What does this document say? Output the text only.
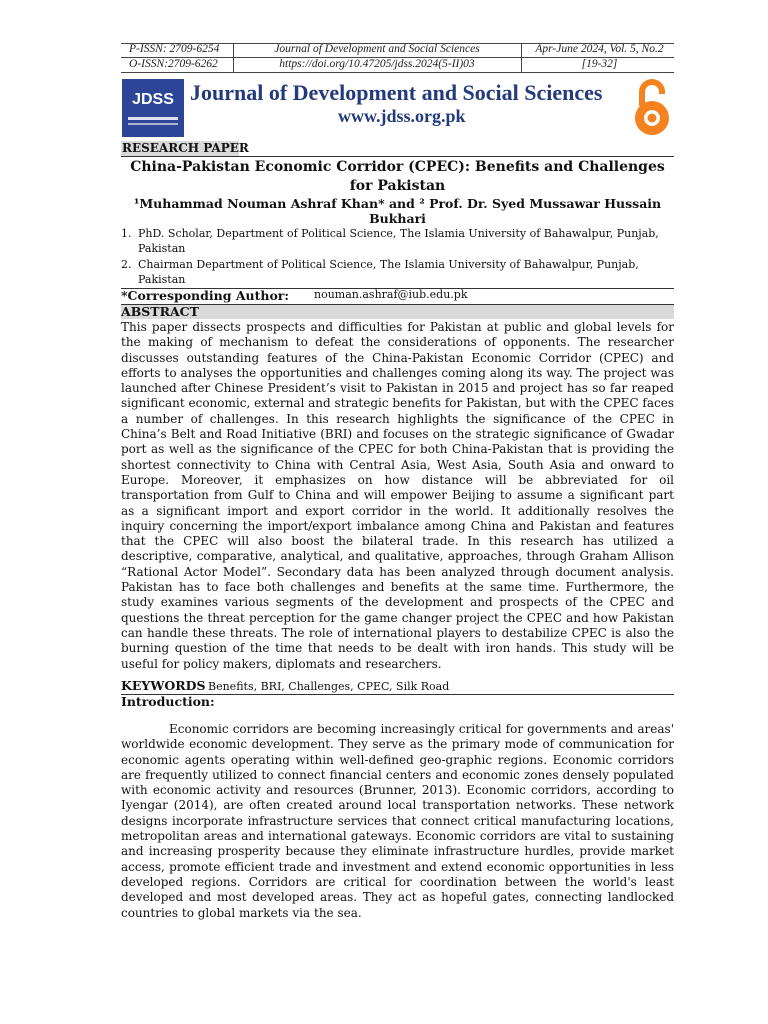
P-ISSN: 2709-6254
O-ISSN:2709-6262
Journal of Development and Social Sciences
https://doi.org/10.47205/jdss.2024(5-II)03
Apr-June 2024, Vol. 5, No.2
[19-32]
JDSS Journal of Development and Social Sciences
www.jdss.org.pk
RESEARCH PAPER
China-Pakistan Economic Corridor (CPEC): Benefits and Challenges
for Pakistan
¹Muhammad Nouman Ashraf Khan* and ² Prof. Dr. Syed Mussawar Hussain Bukhari
1. PhD. Scholar, Department of Political Science, The Islamia University of Bahawalpur, Punjab,
Pakistan
2. Chairman Department of Political Science, The Islamia University of Bahawalpur, Punjab,
Pakistan
*Corresponding Author: nouman.ashraf@iub.edu.pk
ABSTRACT
This paper dissects prospects and difficulties for Pakistan at public and global levels for the making of mechanism to defeat the considerations of opponents. The researcher discusses outstanding features of the China-Pakistan Economic Corridor (CPEC) and efforts to analyses the opportunities and challenges coming along its way. The project was launched after Chinese President’s visit to Pakistan in 2015 and project has so far reaped significant economic, external and strategic benefits for Pakistan, but with the CPEC faces a number of challenges. In this research highlights the significance of the CPEC in China’s Belt and Road Initiative (BRI) and focuses on the strategic significance of Gwadar port as well as the significance of the CPEC for both China-Pakistan that is providing the shortest connectivity to China with Central Asia, West Asia, South Asia and onward to Europe. Moreover, it emphasizes on how distance will be abbreviated for oil transportation from Gulf to China and will empower Beijing to assume a significant part as a significant import and export corridor in the world. It additionally resolves the inquiry concerning the import/export imbalance among China and Pakistan and features that the CPEC will also boost the bilateral trade. In this research has utilized a descriptive, comparative, analytical, and qualitative, approaches, through Graham Allison “Rational Actor Model”. Secondary data has been analyzed through document analysis. Pakistan has to face both challenges and benefits at the same time. Furthermore, the study examines various segments of the development and prospects of the CPEC and questions the threat perception for the game changer project the CPEC and how Pakistan can handle these threats. The role of international players to destabilize CPEC is also the burning question of the time that needs to be dealt with iron hands. This study will be useful for policy makers, diplomats and researchers.
KEYWORDS Benefits, BRI, Challenges, CPEC, Silk Road
Introduction:
Economic corridors are becoming increasingly critical for governments and areas' worldwide economic development. They serve as the primary mode of communication for economic agents operating within well-defined geo-graphic regions. Economic corridors are frequently utilized to connect financial centers and economic zones densely populated with economic activity and resources (Brunner, 2013). Economic corridors, according to Iyengar (2014), are often created around local transportation networks. These network designs incorporate infrastructure services that connect critical manufacturing locations, metropolitan areas and international gateways. Economic corridors are vital to sustaining and increasing prosperity because they eliminate infrastructure hurdles, provide market access, promote efficient trade and investment and extend economic opportunities in less developed regions. Corridors are critical for coordination between the world's least developed and most developed areas. They act as hopeful gates, connecting landlocked countries to global markets via the sea.
